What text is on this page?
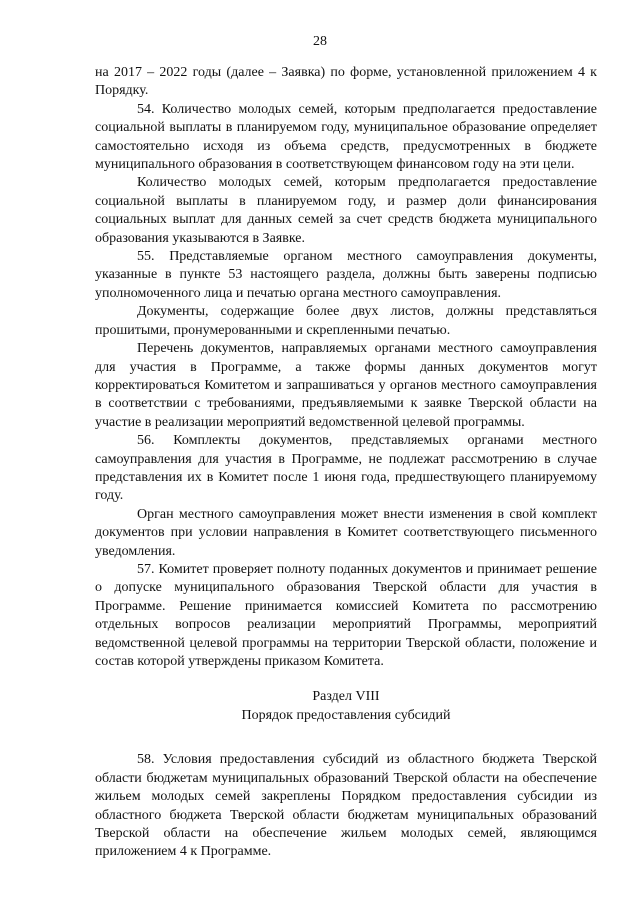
28

на 2017 – 2022 годы (далее – Заявка) по форме, установленной приложением 4 к Порядку.

54. Количество молодых семей, которым предполагается предоставление социальной выплаты в планируемом году, муниципальное образование определяет самостоятельно исходя из объема средств, предусмотренных в бюджете муниципального образования в соответствующем финансовом году на эти цели.

Количество молодых семей, которым предполагается предоставление социальной выплаты в планируемом году, и размер доли финансирования социальных выплат для данных семей за счет средств бюджета муниципального образования указываются в Заявке.

55. Представляемые органом местного самоуправления документы, указанные в пункте 53 настоящего раздела, должны быть заверены подписью уполномоченного лица и печатью органа местного самоуправления.

Документы, содержащие более двух листов, должны представляться прошитыми, пронумерованными и скрепленными печатью.

Перечень документов, направляемых органами местного самоуправления для участия в Программе, а также формы данных документов могут корректироваться Комитетом и запрашиваться у органов местного самоуправления в соответствии с требованиями, предъявляемыми к заявке Тверской области на участие в реализации мероприятий ведомственной целевой программы.

56. Комплекты документов, представляемых органами местного самоуправления для участия в Программе, не подлежат рассмотрению в случае представления их в Комитет после 1 июня года, предшествующего планируемому году.

Орган местного самоуправления может внести изменения в свой комплект документов при условии направления в Комитет соответствующего письменного уведомления.

57. Комитет проверяет полноту поданных документов и принимает решение о допуске муниципального образования Тверской области для участия в Программе. Решение принимается комиссией Комитета по рассмотрению отдельных вопросов реализации мероприятий Программы, мероприятий ведомственной целевой программы на территории Тверской области, положение и состав которой утверждены приказом Комитета.

Раздел VIII
Порядок предоставления субсидий

58. Условия предоставления субсидий из областного бюджета Тверской области бюджетам муниципальных образований Тверской области на обеспечение жильем молодых семей закреплены Порядком предоставления субсидии из областного бюджета Тверской области бюджетам муниципальных образований Тверской области на обеспечение жильем молодых семей, являющимся приложением 4 к Программе.
